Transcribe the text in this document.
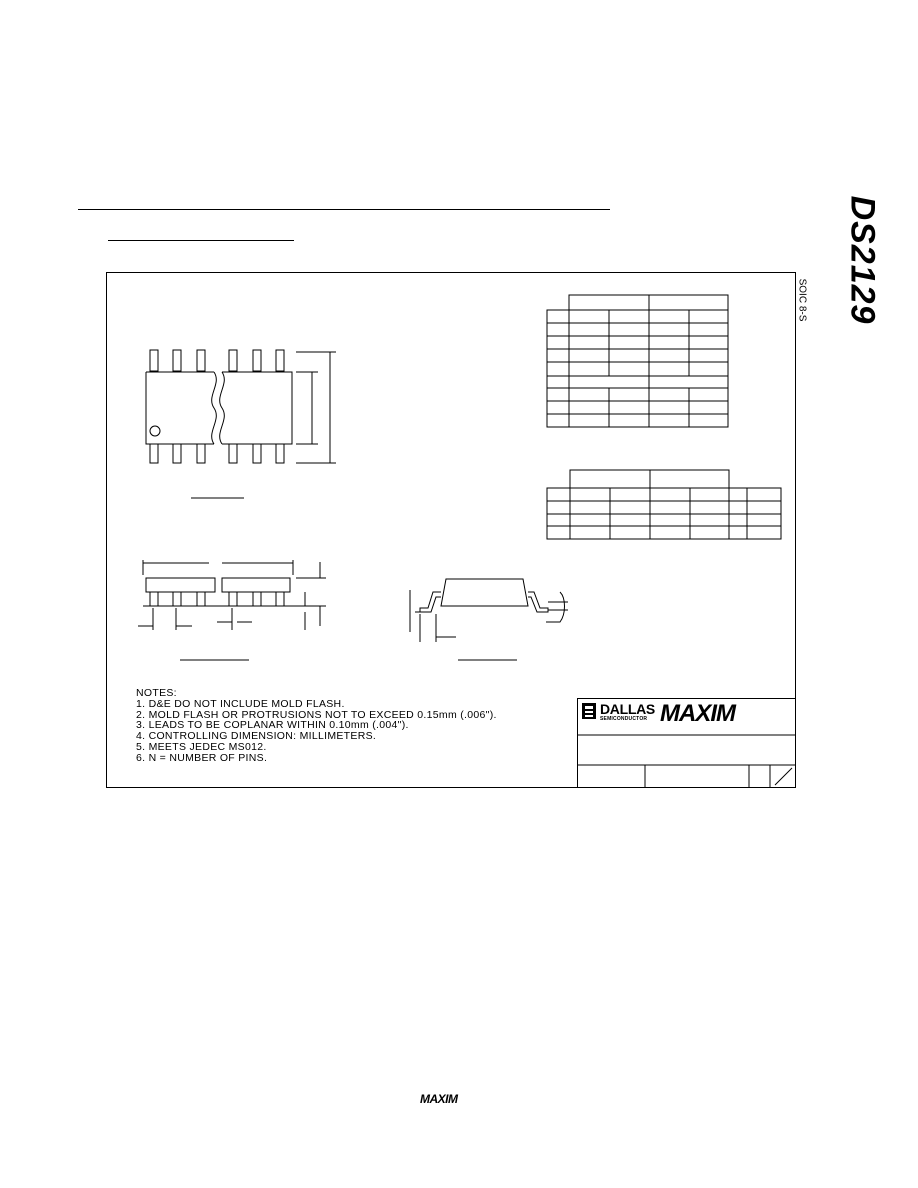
DS2129
SOIC 8-S
NOTES:
1. D&E DO NOT INCLUDE MOLD FLASH.
2. MOLD FLASH OR PROTRUSIONS NOT TO EXCEED 0.15mm (.006").
3. LEADS TO BE COPLANAR WITHIN 0.10mm (.004").
4. CONTROLLING DIMENSION: MILLIMETERS.
5. MEETS JEDEC MS012.
6. N = NUMBER OF PINS.
DALLAS
SEMICONDUCTOR MAXIM
MAXIM
